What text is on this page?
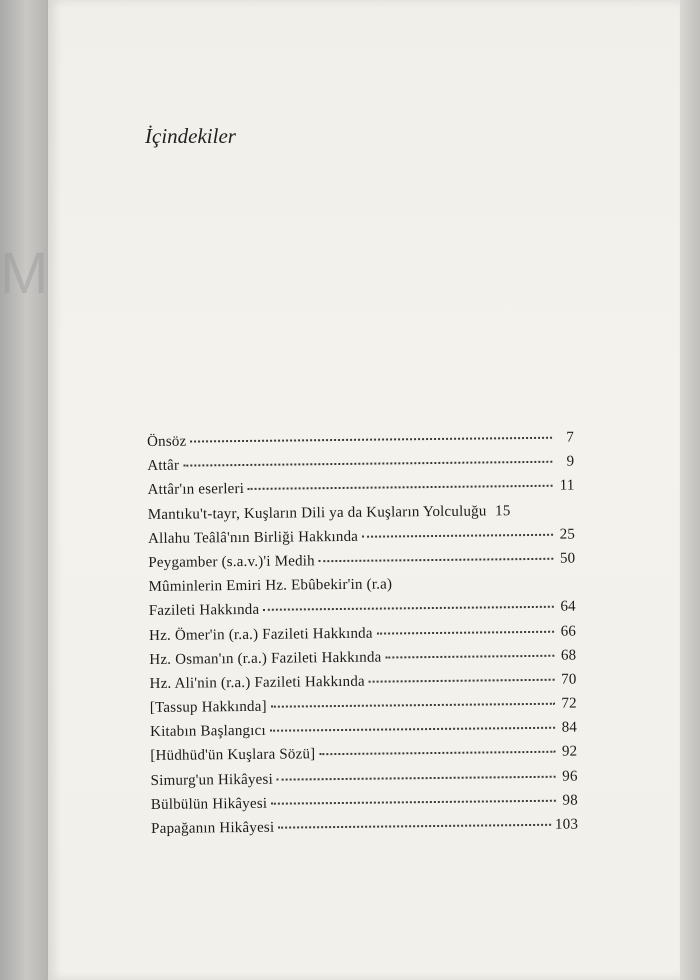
M
İçindekiler
Önsöz	7
Attâr	9
Attâr'ın eserleri	11
Mantıku't-tayr, Kuşların Dili ya da Kuşların Yolculuğu 15
Allahu Teâlâ'nın Birliği Hakkında	25
Peygamber (s.a.v.)'i Medih	50
Mûminlerin Emiri Hz. Ebûbekir'in (r.a)
Fazileti Hakkında	64
Hz. Ömer'in (r.a.) Fazileti Hakkında	66
Hz. Osman'ın (r.a.) Fazileti Hakkında	68
Hz. Ali'nin (r.a.) Fazileti Hakkında	70
[Tassup Hakkında]	72
Kitabın Başlangıcı	84
[Hüdhüd'ün Kuşlara Sözü]	92
Simurg'un Hikâyesi	96
Bülbülün Hikâyesi	98
Papağanın Hikâyesi	103
